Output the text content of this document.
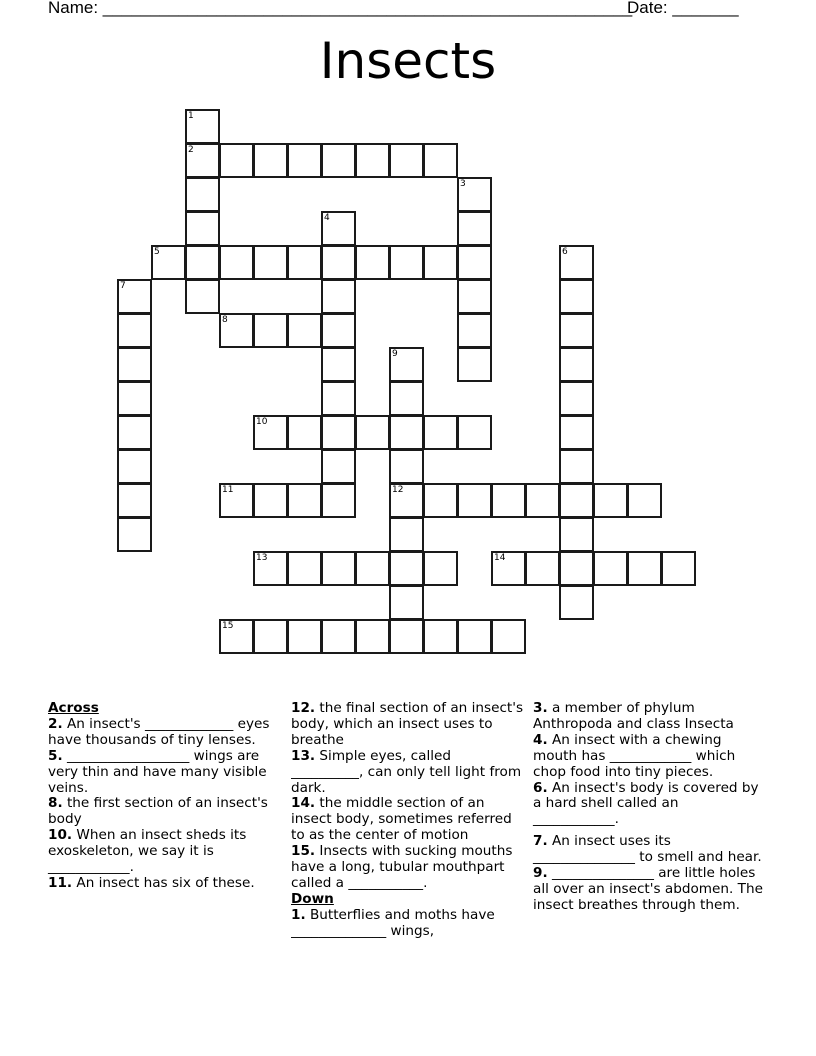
Name: ________________________________________________________
Date: _______
Insects
1
2
3
4
5	6
7
8
9
12
10
11
13	14
15
Across
2. An insect's _____________ eyes have thousands of tiny lenses.
5. __________________ wings are very thin and have many visible veins.
8. the first section of an insect's body
10. When an insect sheds its exoskeleton, we say it is ____________.
11. An insect has six of these.
12. the final section of an insect's body, which an insect uses to breathe
13. Simple eyes, called __________, can only tell light from dark.
14. the middle section of an insect body, sometimes referred to as the center of motion
15. Insects with sucking mouths have a long, tubular mouthpart called a ___________.
Down
1. Butterflies and moths have ______________ wings,
3. a member of phylum Anthropoda and class Insecta
4. An insect with a chewing mouth has ____________ which chop food into tiny pieces.
6. An insect's body is covered by a hard shell called an ____________.
7. An insect uses its _______________ to smell and hear.
9. _______________ are little holes all over an insect's abdomen. The insect breathes through them.
